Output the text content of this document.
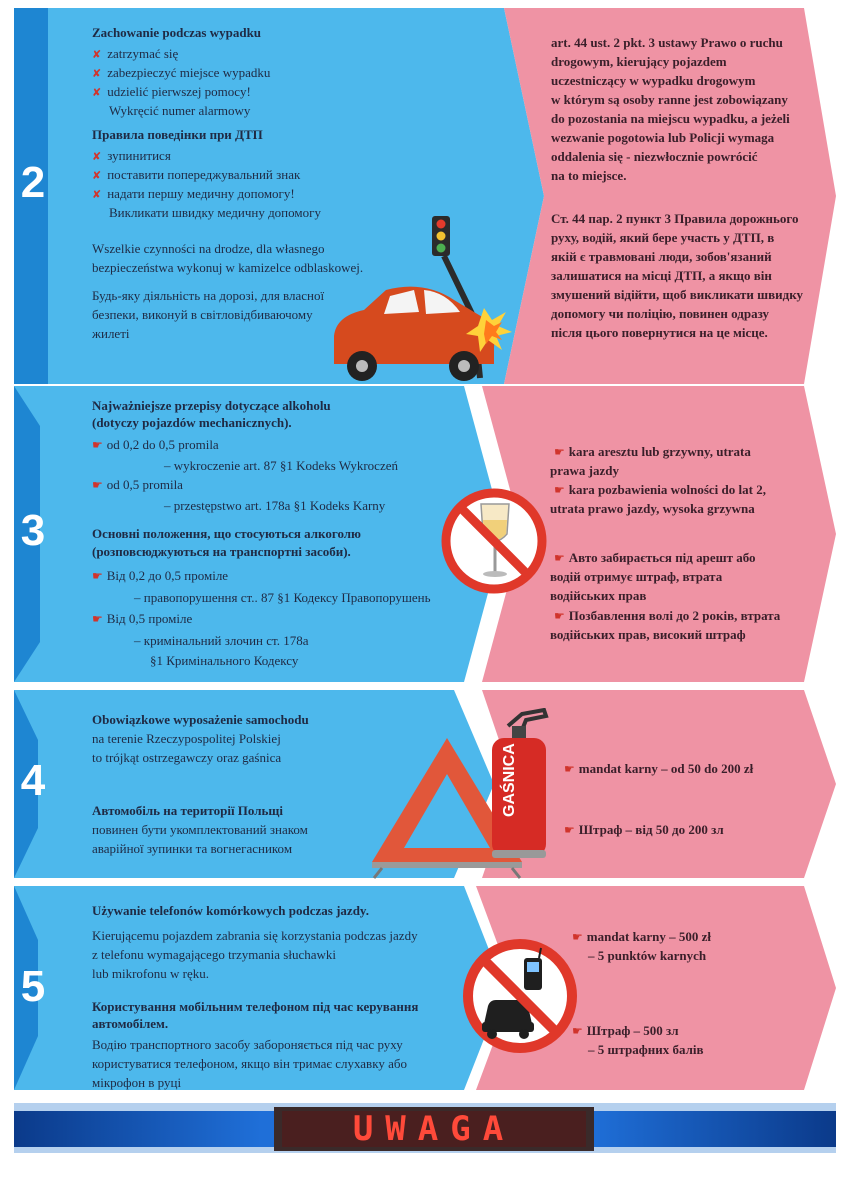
2
Zachowanie podczas wypadku
✘ zatrzymać się
✘ zabezpieczyć miejsce wypadku
✘ udzielić pierwszej pomocy!
Wykręcić numer alarmowy
Правила поведінки при ДТП
✘ зупинитися
✘ поставити попереджувальний знак
✘ надати першу медичну допомогу!
Викликати швидку медичну допомогу
Wszelkie czynności na drodze, dla własnego
bezpieczeństwa wykonuj w kamizelce odblaskowej.
Будь-яку діяльність на дорозі, для власної
безпеки, виконуй в світловідбиваючому
жилеті
art. 44 ust. 2 pkt. 3 ustawy Prawo o ruchu
drogowym, kierujący pojazdem
uczestniczący w wypadku drogowym
w którym są osoby ranne jest zobowiązany
do pozostania na miejscu wypadku, a jeżeli
wezwanie pogotowia lub Policji wymaga
oddalenia się - niezwłocznie powrócić
na to miejsce.
Ст. 44 пар. 2 пункт 3 Правила дорожнього
руху, водій, який бере участь у ДТП, в
якій є травмовані люди, зобов'язаний
залишатися на місці ДТП, а якщо він
змушений відійти, щоб викликати швидку
допомогу чи поліцію, повинен одразу
після цього повернутися на це місце.
3
Najważniejsze przepisy dotyczące alkoholu
(dotyczy pojazdów mechanicznych).
☛ od 0,2 do 0,5 promila
– wykroczenie art. 87 §1 Kodeks Wykroczeń
☛ od 0,5 promila
– przestępstwo art. 178a §1 Kodeks Karny
Основні положення, що стосуються алкоголю
(розповсюджуються на транспортні засоби).
☛ Від 0,2 до 0,5 проміле
– правопорушення ст.. 87 §1 Кодексу Правопорушень
☛ Від 0,5 проміле
– кримінальний злочин ст. 178а
§1 Кримінального Кодексу
☛ kara aresztu lub grzywny, utrata
prawa jazdy
☛ kara pozbawienia wolności do lat 2,
utrata prawo jazdy, wysoka grzywna
☛ Авто забирається під арешт або
водій отримує штраф, втрата
водійських прав
☛ Позбавлення волі до 2 років, втрата
водійських прав, високий штраф
4
Obowiązkowe wyposażenie samochodu
na terenie Rzeczypospolitej Polskiej
to trójkąt ostrzegawczy oraz gaśnica
Автомобіль на території Польщі
повинен бути укомплектований знаком
аварійної зупинки та вогнегасником
GAŚNICA	☛ mandat karny – od 50 do 200 zł
☛ Штраф – від 50 до 200 зл
5
Używanie telefonów komórkowych podczas jazdy.
Kierującemu pojazdem zabrania się korzystania podczas jazdy
z telefonu wymagającego trzymania słuchawki
lub mikrofonu w ręku.
Користування мобільним телефоном під час керування
автомобілем.
Водію транспортного засобу забороняється під час руху
користуватися телефоном, якщо він тримає слухавку або
мікрофон в руці
☛ mandat karny – 500 zł
– 5 punktów karnych
☛ Штраф – 500 зл
– 5 штрафних балів
UWAGA
